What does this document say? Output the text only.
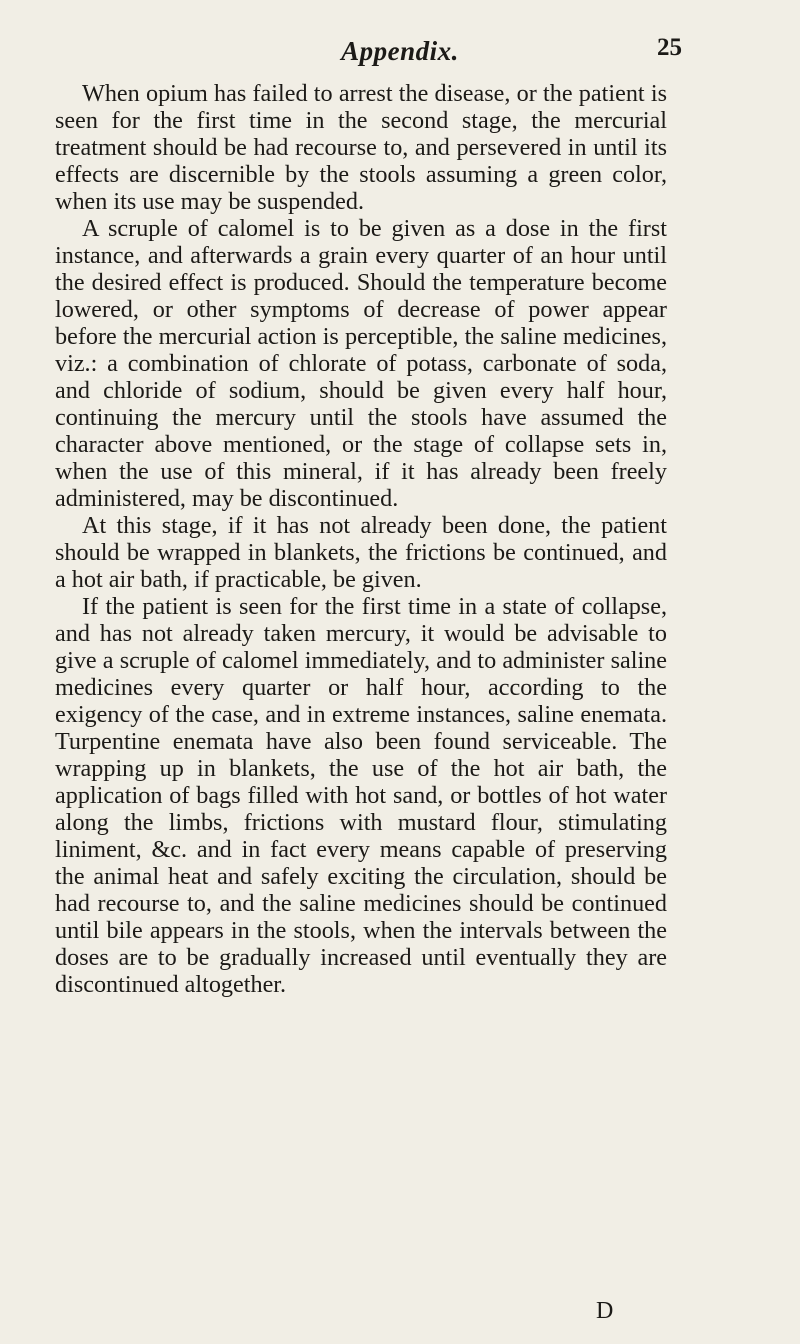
Appendix.	25

When opium has failed to arrest the disease, or the patient is seen for the first time in the second stage, the mercurial treatment should be had recourse to, and persevered in until its effects are discernible by the stools assuming a green color, when its use may be suspended.

A scruple of calomel is to be given as a dose in the first instance, and afterwards a grain every quarter of an hour until the desired effect is produced. Should the temperature become lowered, or other symptoms of decrease of power appear before the mercurial action is perceptible, the saline medicines, viz.: a combination of chlorate of potass, carbonate of soda, and chloride of sodium, should be given every half hour, continuing the mercury until the stools have assumed the character above mentioned, or the stage of collapse sets in, when the use of this mineral, if it has already been freely administered, may be discontinued.

At this stage, if it has not already been done, the patient should be wrapped in blankets, the frictions be continued, and a hot air bath, if practicable, be given.

If the patient is seen for the first time in a state of collapse, and has not already taken mercury, it would be advisable to give a scruple of calomel immediately, and to administer saline medicines every quarter or half hour, according to the exigency of the case, and in extreme instances, saline enemata. Turpentine enemata have also been found serviceable. The wrapping up in blankets, the use of the hot air bath, the application of bags filled with hot sand, or bottles of hot water along the limbs, frictions with mustard flour, stimulating liniment, &c. and in fact every means capable of preserving the animal heat and safely exciting the circulation, should be had recourse to, and the saline medicines should be continued until bile appears in the stools, when the intervals between the doses are to be gradually increased until eventually they are discontinued altogether.

D
